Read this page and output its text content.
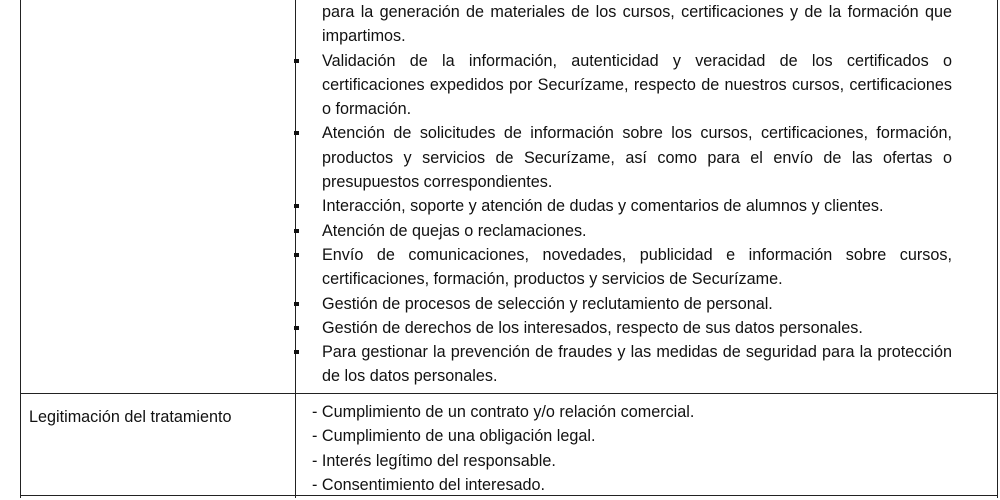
para la generación de materiales de los cursos, certificaciones y de la formación que impartimos.
Validación de la información, autenticidad y veracidad de los certificados o certificaciones expedidos por Securízame, respecto de nuestros cursos, certificaciones o formación.
Atención de solicitudes de información sobre los cursos, certificaciones, formación, productos y servicios de Securízame, así como para el envío de las ofertas o presupuestos correspondientes.
Interacción, soporte y atención de dudas y comentarios de alumnos y clientes.
Atención de quejas o reclamaciones.
Envío de comunicaciones, novedades, publicidad e información sobre cursos, certificaciones, formación, productos y servicios de Securízame.
Gestión de procesos de selección y reclutamiento de personal.
Gestión de derechos de los interesados, respecto de sus datos personales.
Para gestionar la prevención de fraudes y las medidas de seguridad para la protección de los datos personales.
Legitimación del tratamiento	- Cumplimiento de un contrato y/o relación comercial.
- Cumplimiento de una obligación legal.
- Interés legítimo del responsable.
- Consentimiento del interesado.
